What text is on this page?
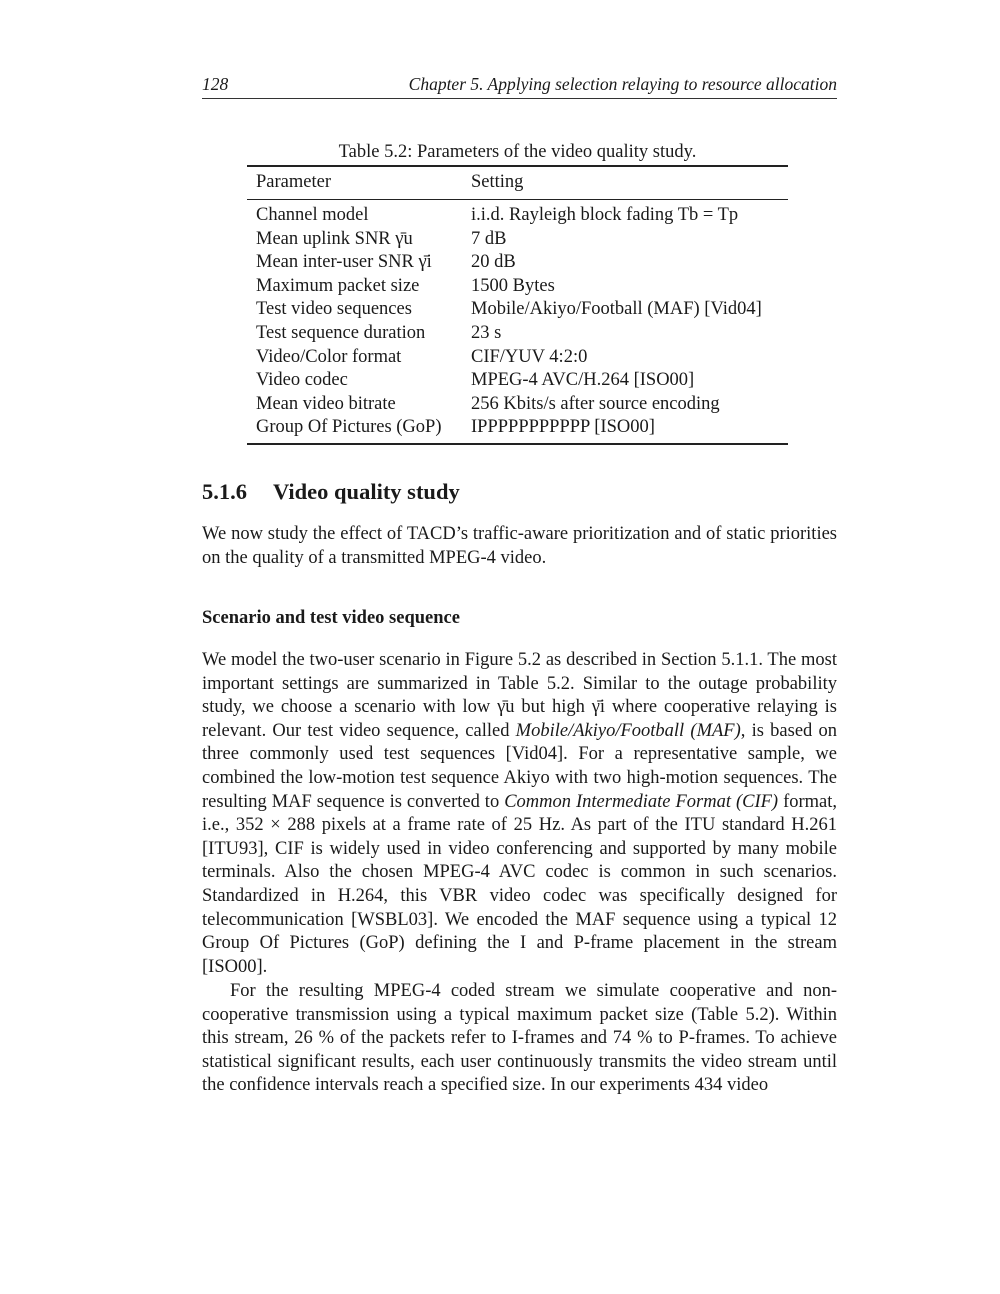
128	Chapter 5. Applying selection relaying to resource allocation
Table 5.2: Parameters of the video quality study.
Parameter	Setting
Channel model	i.i.d. Rayleigh block fading Tb = Tp
Mean uplink SNR γ̄u	7 dB
Mean inter-user SNR γ̄i	20 dB
Maximum packet size	1500 Bytes
Test video sequences	Mobile/Akiyo/Football (MAF) [Vid04]
Test sequence duration	23 s
Video/Color format	CIF/YUV 4:2:0
Video codec	MPEG-4 AVC/H.264 [ISO00]
Mean video bitrate	256 Kbits/s after source encoding
Group Of Pictures (GoP)	IPPPPPPPPPPP [ISO00]
5.1.6 Video quality study

We now study the effect of TACD’s traffic-aware prioritization and of static priorities on the quality of a transmitted MPEG-4 video.

Scenario and test video sequence

We model the two-user scenario in Figure 5.2 as described in Section 5.1.1. The most important settings are summarized in Table 5.2. Similar to the outage probability study, we choose a scenario with low γ̄u but high γ̄i where cooperative relaying is relevant. Our test video sequence, called Mobile/Akiyo/Football (MAF), is based on three commonly used test sequences [Vid04]. For a representative sample, we combined the low-motion test sequence Akiyo with two high-motion sequences. The resulting MAF sequence is converted to Common Intermediate Format (CIF) format, i.e., 352 × 288 pixels at a frame rate of 25 Hz. As part of the ITU standard H.261 [ITU93], CIF is widely used in video conferencing and supported by many mobile terminals. Also the chosen MPEG-4 AVC codec is common in such scenarios. Standardized in H.264, this VBR video codec was specifically designed for telecommunication [WSBL03]. We encoded the MAF sequence using a typical 12 Group Of Pictures (GoP) defining the I and P-frame placement in the stream [ISO00].

For the resulting MPEG-4 coded stream we simulate cooperative and non-cooperative transmission using a typical maximum packet size (Table 5.2). Within this stream, 26 % of the packets refer to I-frames and 74 % to P-frames. To achieve statistical significant results, each user continuously transmits the video stream until the confidence intervals reach a specified size. In our experiments 434 video
